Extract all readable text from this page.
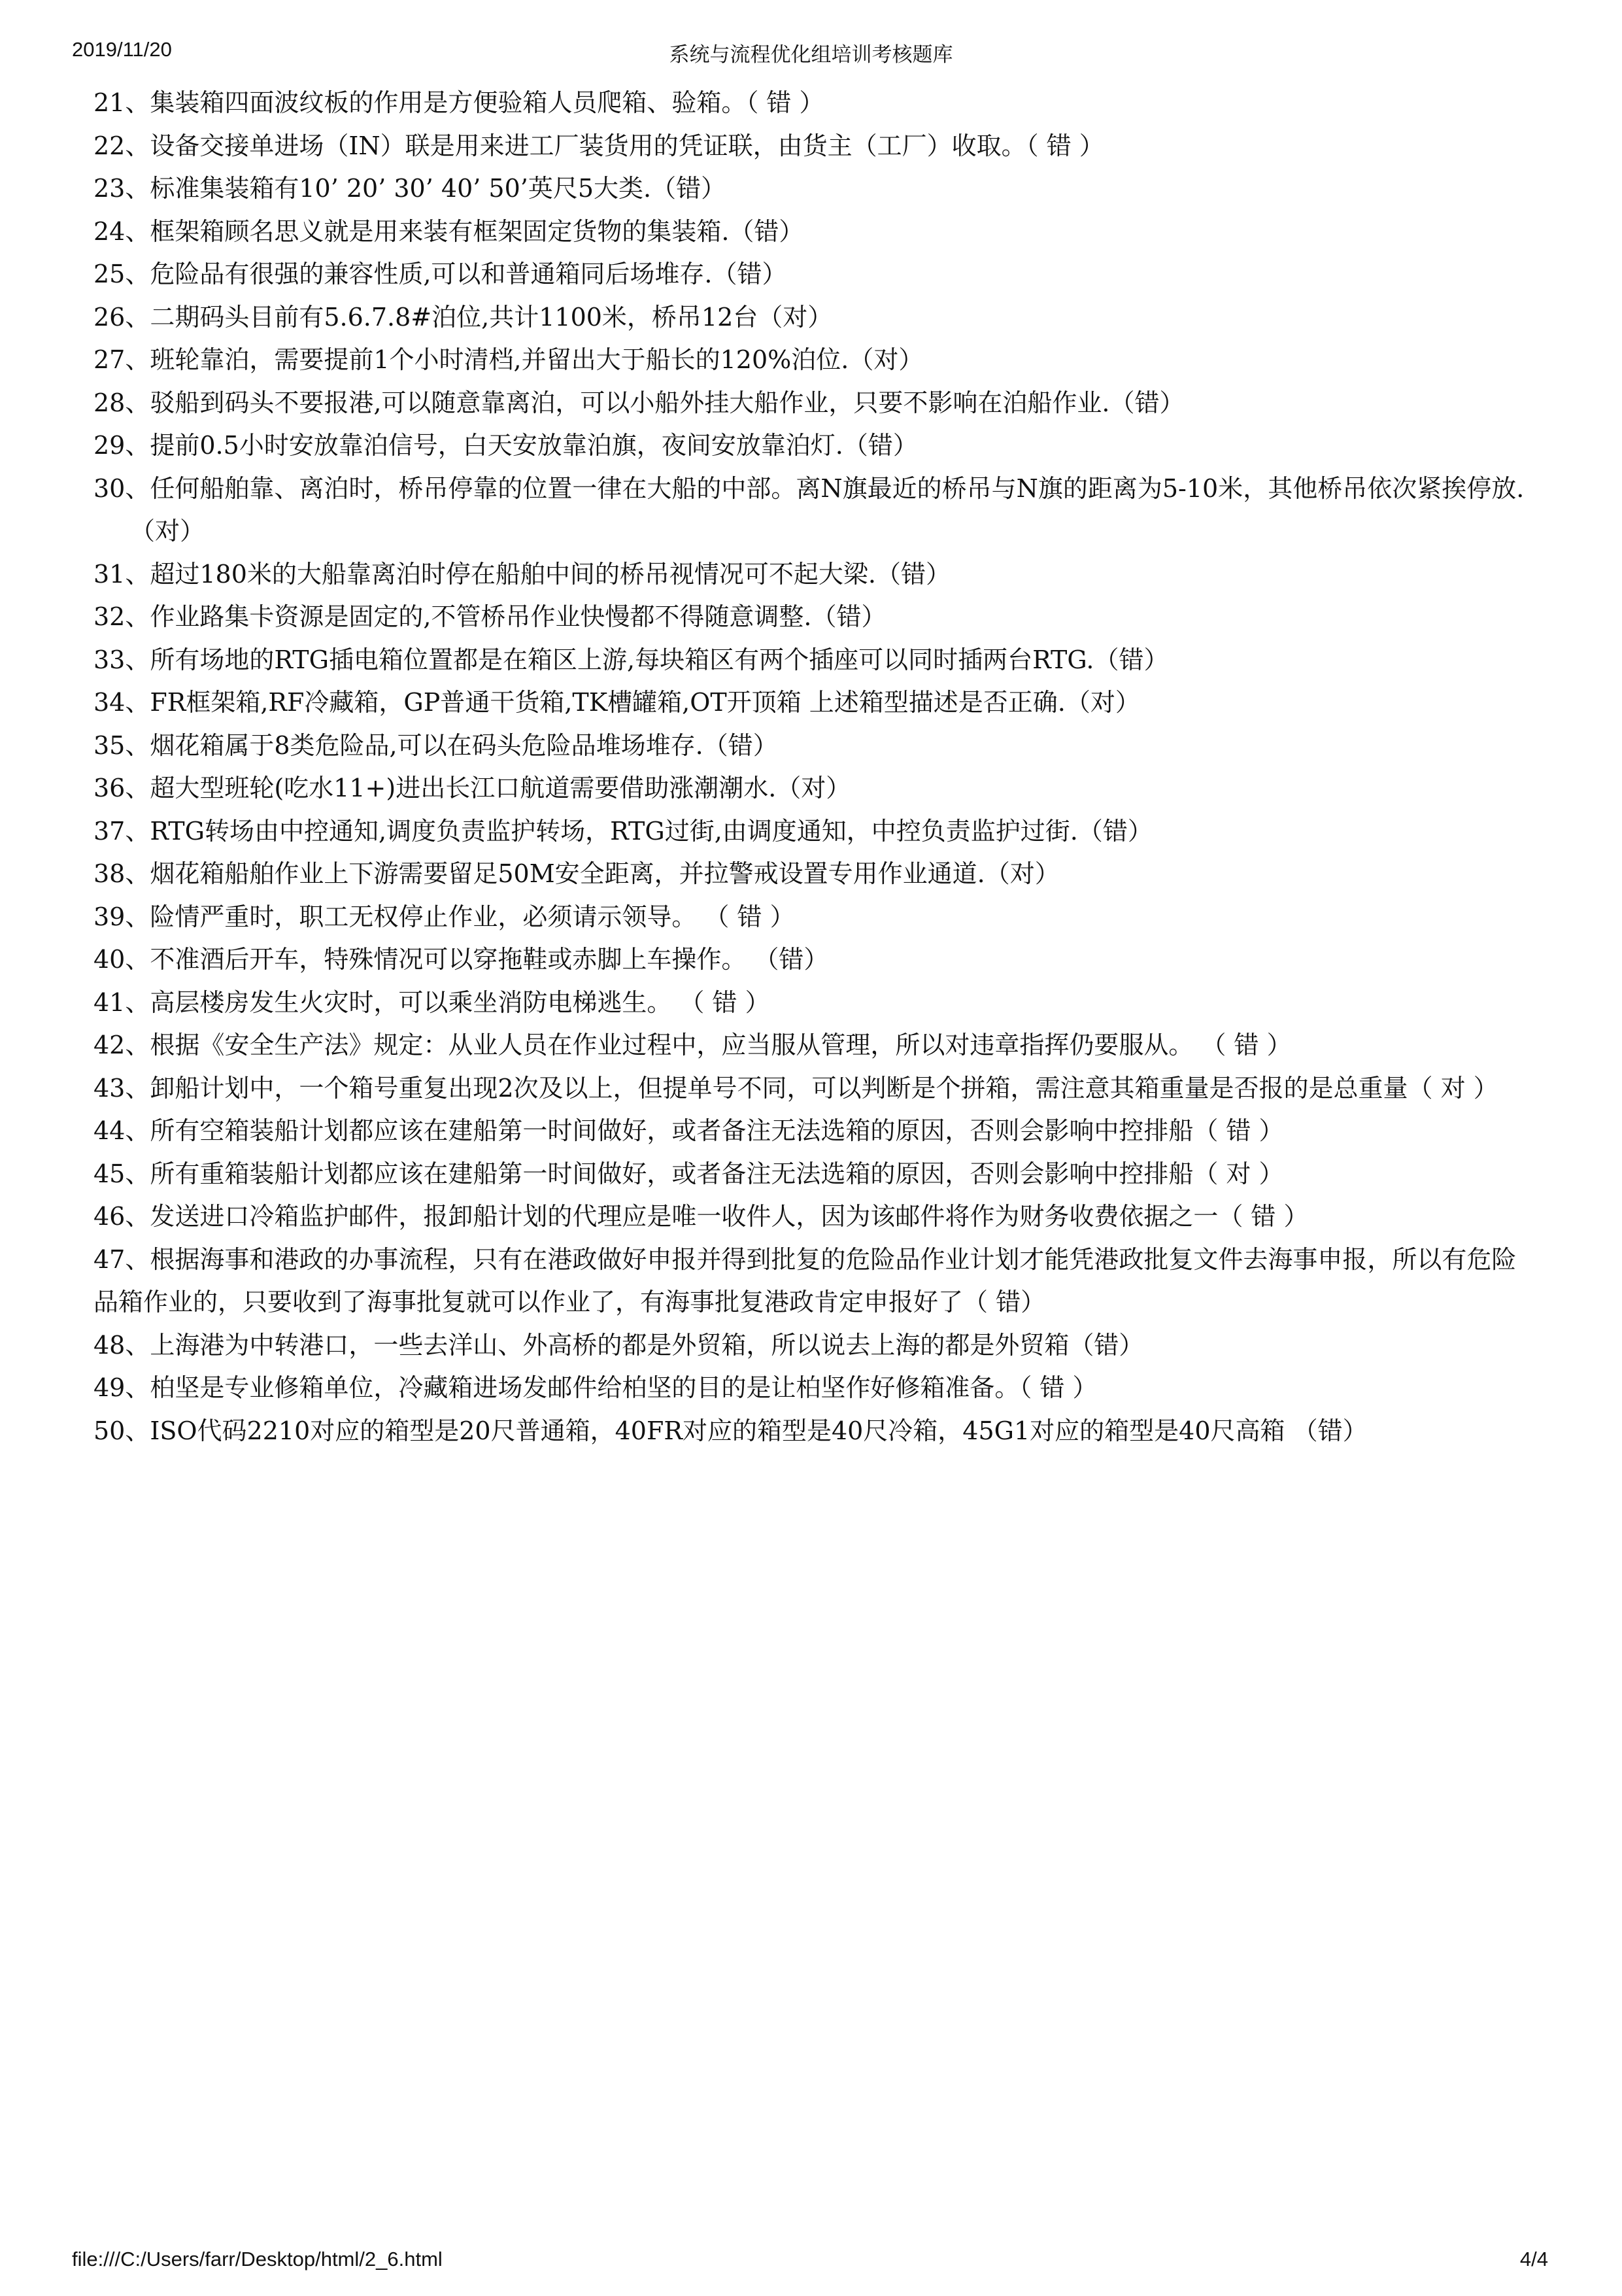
2019/11/20	系统与流程优化组培训考核题库
21、集装箱四面波纹板的作用是方便验箱人员爬箱、验箱。（ 错 ）
22、设备交接单进场（IN）联是用来进工厂装货用的凭证联，由货主（工厂）收取。（ 错 ）
23、标准集装箱有10’ 20’ 30’ 40’ 50’英尺5大类.（错）
24、框架箱顾名思义就是用来装有框架固定货物的集装箱.（错）
25、危险品有很强的兼容性质,可以和普通箱同后场堆存.（错）
26、二期码头目前有5.6.7.8#泊位,共计1100米，桥吊12台（对）
27、班轮靠泊，需要提前1个小时清档,并留出大于船长的120%泊位.（对）
28、驳船到码头不要报港,可以随意靠离泊，可以小船外挂大船作业，只要不影响在泊船作业.（错）
29、提前0.5小时安放靠泊信号，白天安放靠泊旗，夜间安放靠泊灯.（错）
30、任何船舶靠、离泊时，桥吊停靠的位置一律在大船的中部。离N旗最近的桥吊与N旗的距离为5-10米，其他桥吊依次紧挨停放.（对）
31、超过180米的大船靠离泊时停在船舶中间的桥吊视情况可不起大梁.（错）
32、作业路集卡资源是固定的,不管桥吊作业快慢都不得随意调整.（错）
33、所有场地的RTG插电箱位置都是在箱区上游,每块箱区有两个插座可以同时插两台RTG.（错）
34、FR框架箱,RF冷藏箱，GP普通干货箱,TK槽罐箱,OT开顶箱 上述箱型描述是否正确.（对）
35、烟花箱属于8类危险品,可以在码头危险品堆场堆存.（错）
36、超大型班轮(吃水11+)进出长江口航道需要借助涨潮潮水.（对）
37、RTG转场由中控通知,调度负责监护转场，RTG过街,由调度通知，中控负责监护过街.（错）
38、烟花箱船舶作业上下游需要留足50M安全距离，并拉警戒设置专用作业通道.（对）
39、险情严重时，职工无权停止作业，必须请示领导。 （ 错 ）
40、不准酒后开车，特殊情况可以穿拖鞋或赤脚上车操作。 （错）
41、高层楼房发生火灾时，可以乘坐消防电梯逃生。 （ 错 ）
42、根据《安全生产法》规定：从业人员在作业过程中，应当服从管理，所以对违章指挥仍要服从。 （ 错 ）
43、卸船计划中，一个箱号重复出现2次及以上，但提单号不同，可以判断是个拼箱，需注意其箱重量是否报的是总重量（ 对 ）
44、所有空箱装船计划都应该在建船第一时间做好，或者备注无法选箱的原因，否则会影响中控排船（ 错 ）
45、所有重箱装船计划都应该在建船第一时间做好，或者备注无法选箱的原因，否则会影响中控排船（ 对 ）
46、发送进口冷箱监护邮件，报卸船计划的代理应是唯一收件人，因为该邮件将作为财务收费依据之一（ 错 ）
47、根据海事和港政的办事流程，只有在港政做好申报并得到批复的危险品作业计划才能凭港政批复文件去海事申报，所以有危险品箱作业的，只要收到了海事批复就可以作业了，有海事批复港政肯定申报好了（ 错）
48、上海港为中转港口，一些去洋山、外高桥的都是外贸箱，所以说去上海的都是外贸箱（错）
49、柏坚是专业修箱单位，冷藏箱进场发邮件给柏坚的目的是让柏坚作好修箱准备。（ 错 ）
50、ISO代码2210对应的箱型是20尺普通箱，40FR对应的箱型是40尺冷箱，45G1对应的箱型是40尺高箱 （错）
file:///C:/Users/farr/Desktop/html/2_6.html	4/4
